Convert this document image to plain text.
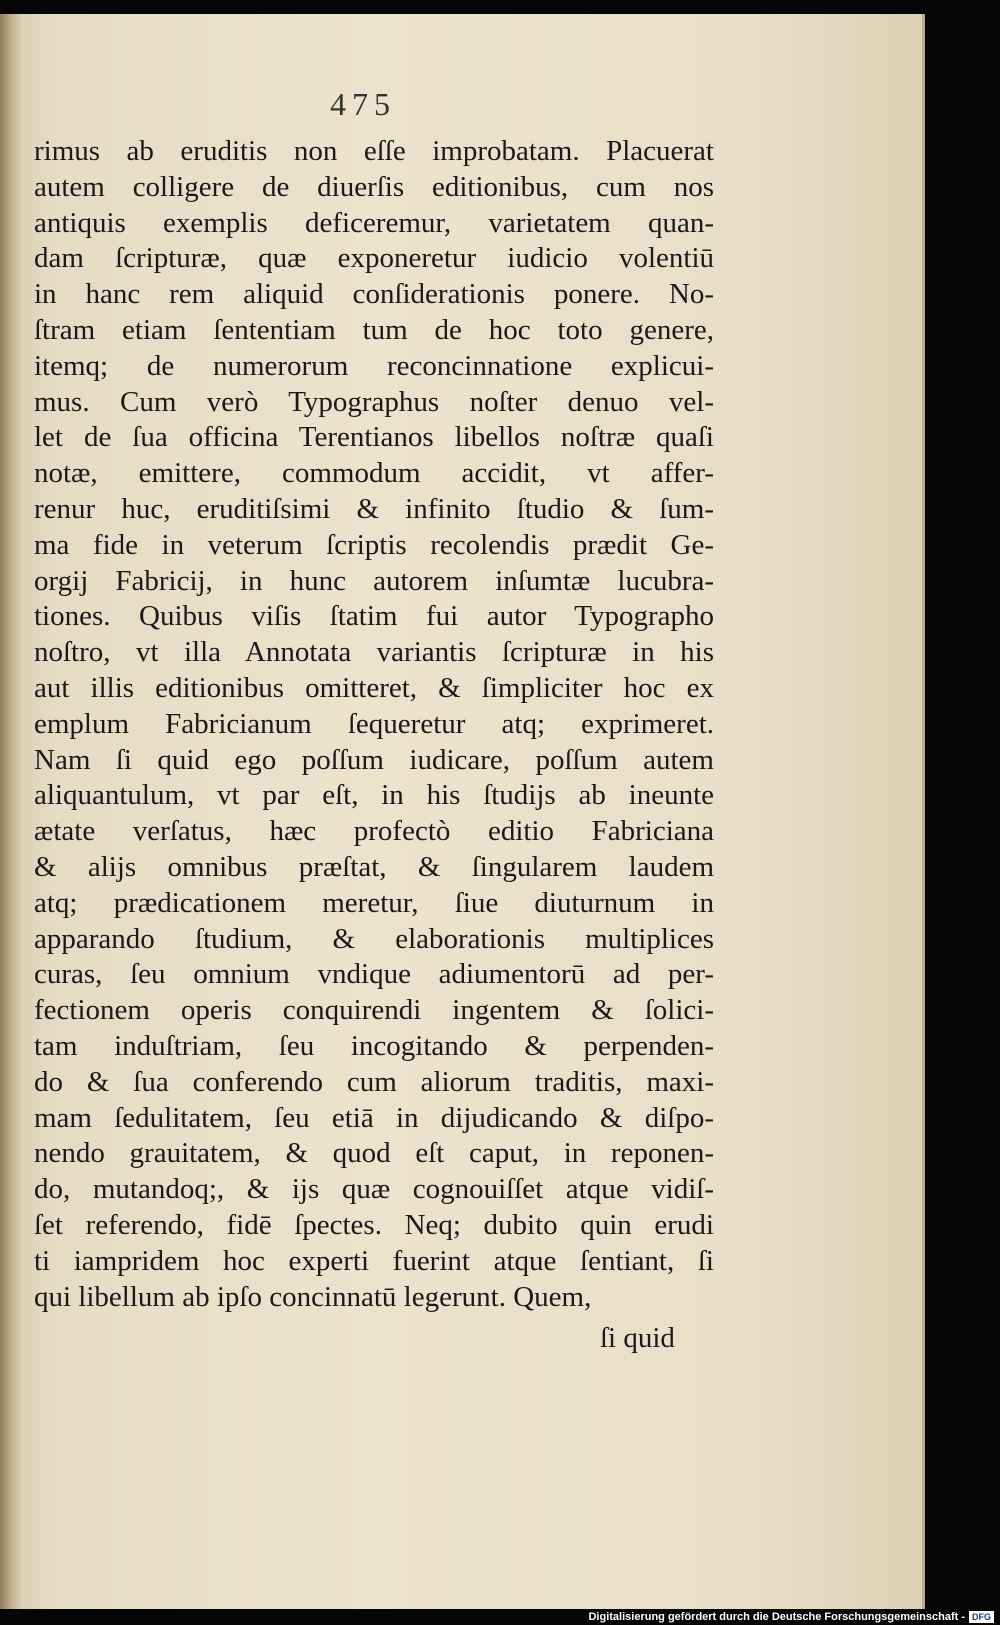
475
rimus ab eruditis non eſſe improbatam. Placuerat
autem colligere de diuerſis editionibus, cum nos
antiquis exemplis deficeremur, varietatem quan-
dam ſcripturæ, quæ exponeretur iudicio volentiū
in hanc rem aliquid conſiderationis ponere. No-
ſtram etiam ſententiam tum de hoc toto genere,
itemq; de numerorum reconcinnatione explicui-
mus. Cum verò Typographus noſter denuo vel-
let de ſua officina Terentianos libellos noſtræ quaſi
notæ, emittere, commodum accidit, vt affer-
renur huc, eruditiſsimi & infinito ſtudio & ſum-
ma fide in veterum ſcriptis recolendis prædit Ge-
orgij Fabricij, in hunc autorem inſumtæ lucubra-
tiones. Quibus viſis ſtatim fui autor Typographo
noſtro, vt illa Annotata variantis ſcripturæ in his
aut illis editionibus omitteret, & ſimpliciter hoc ex
emplum Fabricianum ſequeretur atq; exprimeret.
Nam ſi quid ego poſſum iudicare, poſſum autem
aliquantulum, vt par eſt, in his ſtudijs ab ineunte
ætate verſatus, hæc profectò editio Fabriciana
& alijs omnibus præſtat, & ſingularem laudem
atq; prædicationem meretur, ſiue diuturnum in
apparando ſtudium, & elaborationis multiplices
curas, ſeu omnium vndique adiumentorū ad per-
fectionem operis conquirendi ingentem & ſolici-
tam induſtriam, ſeu incogitando & perpenden-
do & ſua conferendo cum aliorum traditis, maxi-
mam ſedulitatem, ſeu etiā in dijudicando & diſpo-
nendo grauitatem, & quod eſt caput, in reponen-
do, mutandoq;, & ijs quæ cognouiſſet atque vidiſ-
ſet referendo, fidē ſpectes. Neq; dubito quin erudi
ti iampridem hoc experti fuerint atque ſentiant, ſi
qui libellum ab ipſo concinnatū legerunt. Quem,
ſi quid
Digitalisierung gefördert durch die Deutsche Forschungsgemeinschaft - DFG
